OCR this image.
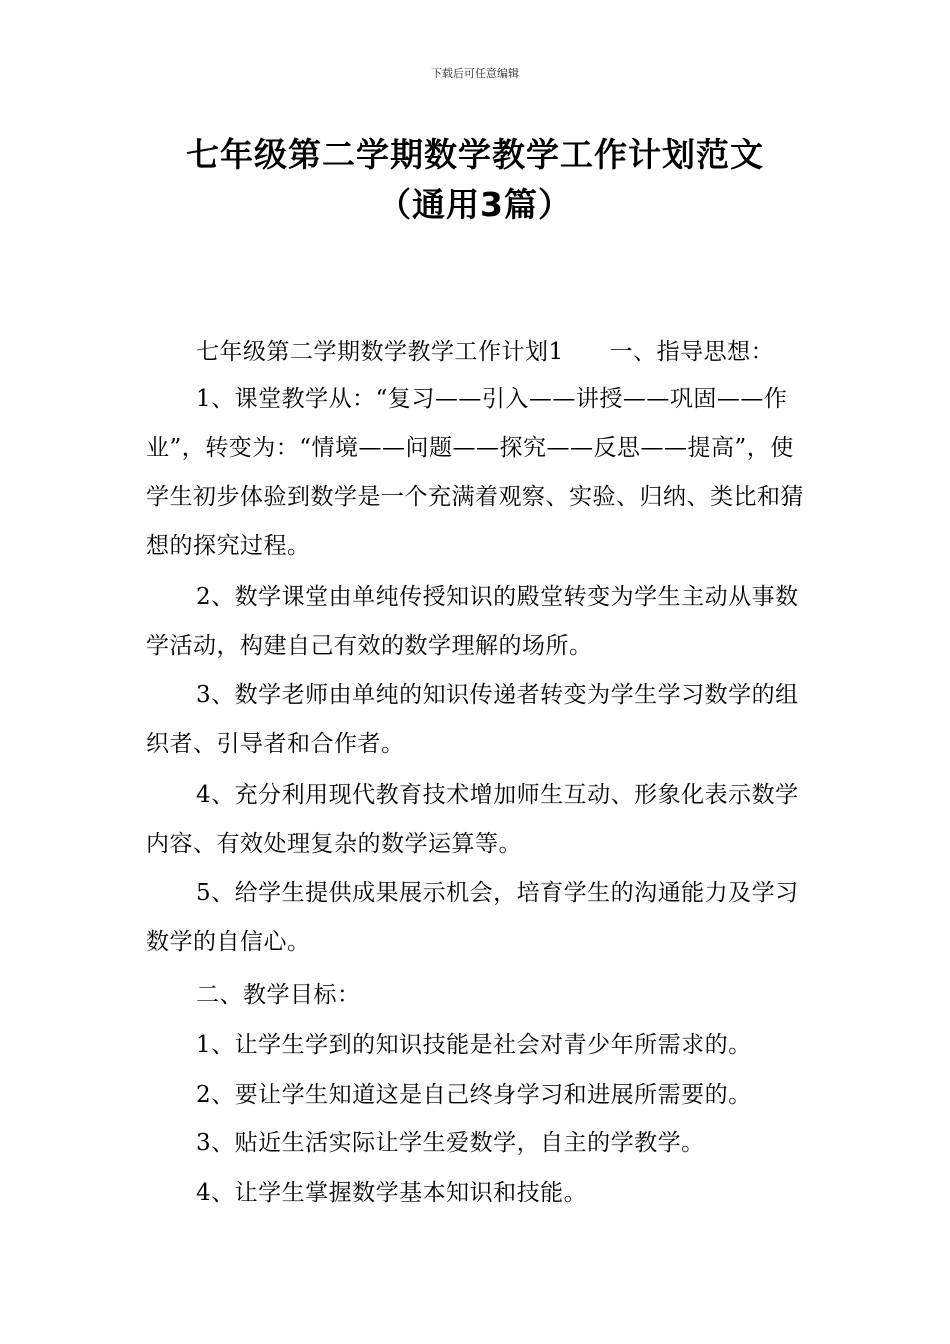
下载后可任意编辑
七年级第二学期数学教学工作计划范文
（通用3篇）

七年级第二学期数学教学工作计划1 一、指导思想：

1、课堂教学从：“复习——引入——讲授——巩固——作业”，转变为：“情境——问题——探究——反思——提高”，使学生初步体验到数学是一个充满着观察、实验、归纳、类比和猜想的探究过程。

2、数学课堂由单纯传授知识的殿堂转变为学生主动从事数学活动，构建自己有效的数学理解的场所。

3、数学老师由单纯的知识传递者转变为学生学习数学的组织者、引导者和合作者。

4、充分利用现代教育技术增加师生互动、形象化表示数学内容、有效处理复杂的数学运算等。

5、给学生提供成果展示机会，培育学生的沟通能力及学习数学的自信心。

二、教学目标：

1、让学生学到的知识技能是社会对青少年所需求的。

2、要让学生知道这是自己终身学习和进展所需要的。

3、贴近生活实际让学生爱数学，自主的学教学。

4、让学生掌握数学基本知识和技能。
